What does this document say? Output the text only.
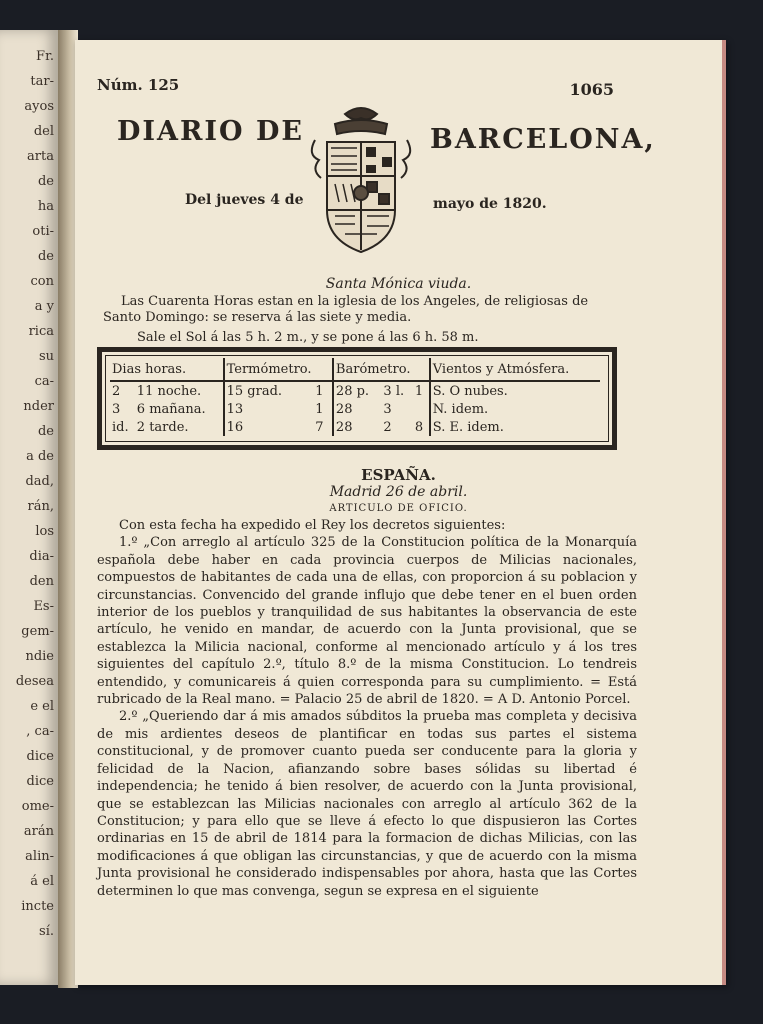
Fr.
tar-
ayos
del
arta
de
ha
oti-
de
con
a y
rica
su
ca-
nder
de
a de
dad,
rán,
los
dia-
den
Es-
gem-
ndie
desea
e el
, ca-
dice
dice
ome-
arán
alin-
á el
incte
sí.
Núm. 125	1065
DIARIO DE	BARCELONA,
Del jueves 4 de	mayo de 1820.
Santa Mónica viuda.
Las Cuarenta Horas estan en la iglesia de los Angeles, de religiosas de
Santo Domingo: se reserva á las siete y media.
Sale el Sol á las 5 h. 2 m., y se pone á las 6 h. 58 m.
Dias horas.		Termómetro.		Barómetro.			Vientos y Atmósfera.
2	11 noche.	15 grad.	1	28 p.	3 l.	1	S. O nubes.
3	6 mañana.	13	1	28	3		N. idem.
id.	2 tarde.	16	7	28	2	8	S. E. idem.
ESPAÑA.
Madrid 26 de abril.
ARTICULO DE OFICIO.

Con esta fecha ha expedido el Rey los decretos siguientes:

1.º „Con arreglo al artículo 325 de la Constitucion política de la Monarquía española debe haber en cada provincia cuerpos de Milicias nacionales, compuestos de habitantes de cada una de ellas, con proporcion á su poblacion y circunstancias. Convencido del grande influjo que debe tener en el buen orden interior de los pueblos y tranquilidad de sus habitantes la observancia de este artículo, he venido en mandar, de acuerdo con la Junta provisional, que se establezca la Milicia nacional, conforme al mencionado artículo y á los tres siguientes del capítulo 2.º, título 8.º de la misma Constitucion. Lo tendreis entendido, y comunicareis á quien corresponda para su cumplimiento. = Está rubricado de la Real mano. = Palacio 25 de abril de 1820. = A D. Antonio Porcel.

2.º „Queriendo dar á mis amados súbditos la prueba mas completa y decisiva de mis ardientes deseos de plantificar en todas sus partes el sistema constitucional, y de promover cuanto pueda ser conducente para la gloria y felicidad de la Nacion, afianzando sobre bases sólidas su libertad é independencia; he tenido á bien resolver, de acuerdo con la Junta provisional, que se establezcan las Milicias nacionales con arreglo al artículo 362 de la Constitucion; y para ello que se lleve á efecto lo que dispusieron las Cortes ordinarias en 15 de abril de 1814 para la formacion de dichas Milicias, con las modificaciones á que obligan las circunstancias, y que de acuerdo con la misma Junta provisional he considerado indispensables por ahora, hasta que las Cortes determinen lo que mas convenga, segun se expresa en el siguiente
